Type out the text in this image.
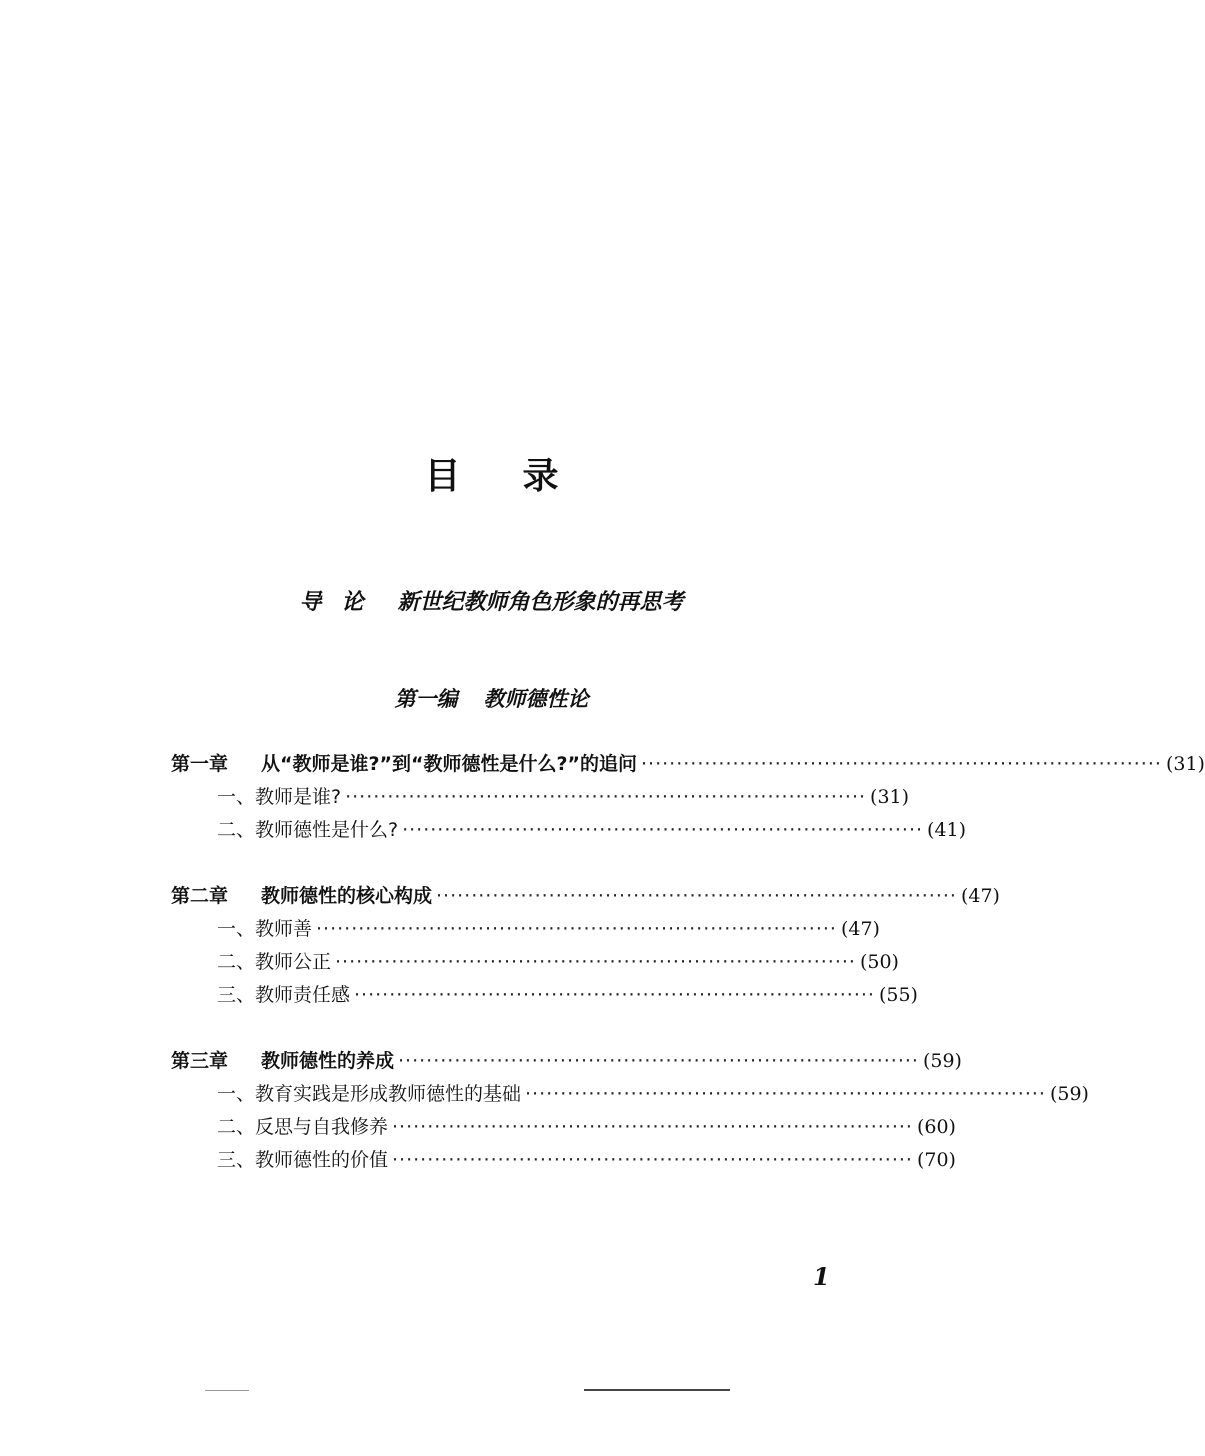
目 录
导 论 新世纪教师角色形象的再思考
第一编 教师德性论
第一章 从“教师是谁?”到“教师德性是什么?”的追问 ·········································································· (31)
一、教师是谁? ·········································································· (31)
二、教师德性是什么? ·········································································· (41)
第二章 教师德性的核心构成 ·········································································· (47)
一、教师善 ·········································································· (47)
二、教师公正 ·········································································· (50)
三、教师责任感 ·········································································· (55)
第三章 教师德性的养成 ·········································································· (59)
一、教育实践是形成教师德性的基础 ·········································································· (59)
二、反思与自我修养 ·········································································· (60)
三、教师德性的价值 ·········································································· (70)
1
